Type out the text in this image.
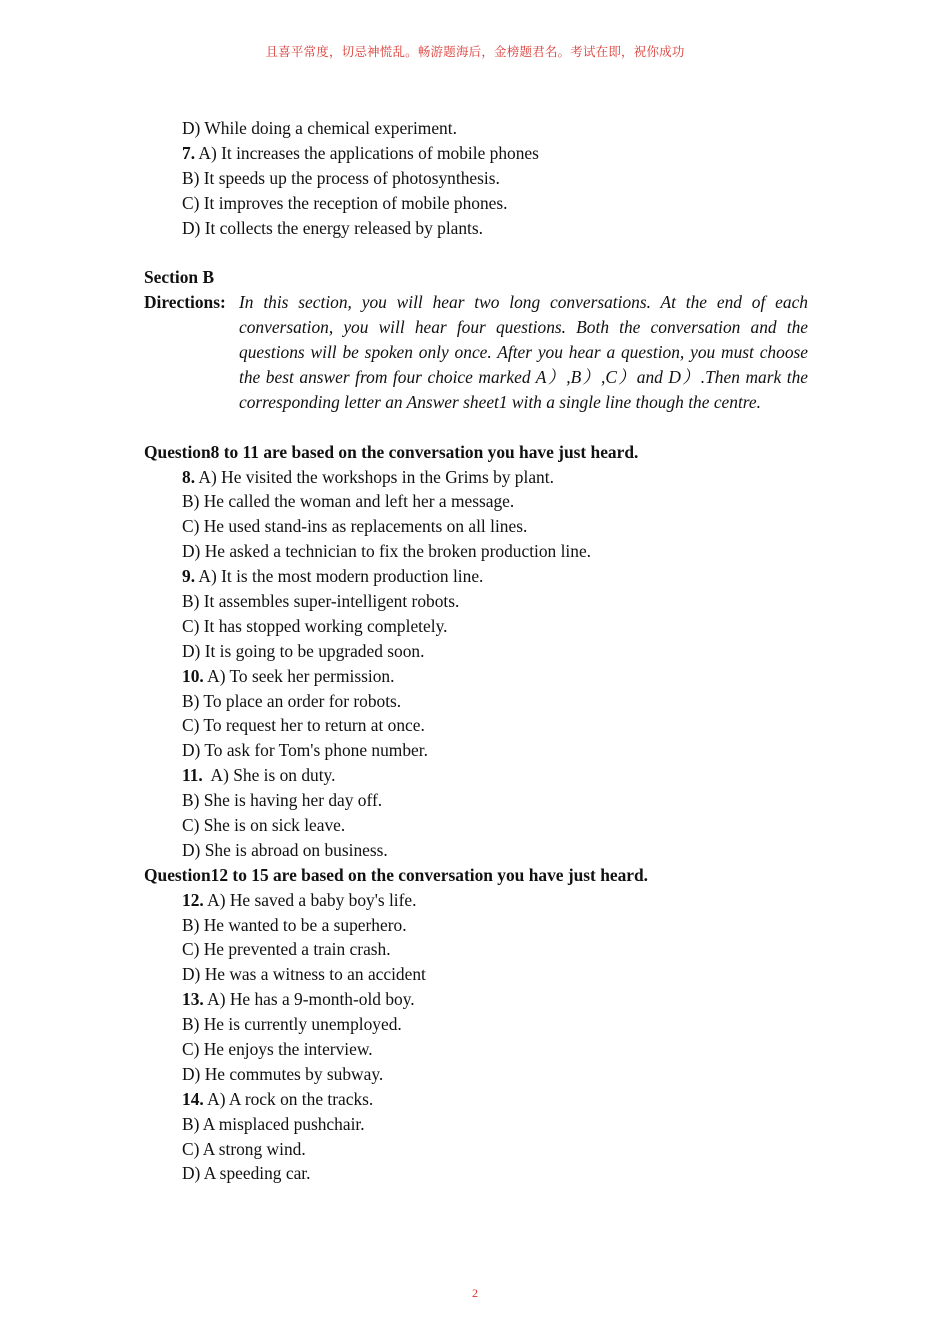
且喜平常度，切忌神慌乱。畅游题海后，金榜题君名。考试在即，祝你成功
D) While doing a chemical experiment.
7. A) It increases the applications of mobile phones
B) It speeds up the process of photosynthesis.
C) It improves the reception of mobile phones.
D) It collects the energy released by plants.
Section B
Directions: In this section, you will hear two long conversations. At the end of each conversation, you will hear four questions. Both the conversation and the questions will be spoken only once. After you hear a question, you must choose the best answer from four choice marked A）,B）,C）and D）.Then mark the corresponding letter an Answer sheet1 with a single line though the centre.
Question8 to 11 are based on the conversation you have just heard.
8. A) He visited the workshops in the Grims by plant.
B) He called the woman and left her a message.
C) He used stand-ins as replacements on all lines.
D) He asked a technician to fix the broken production line.
9. A) It is the most modern production line.
B) It assembles super-intelligent robots.
C) It has stopped working completely.
D) It is going to be upgraded soon.
10. A) To seek her permission.
B) To place an order for robots.
C) To request her to return at once.
D) To ask for Tom's phone number.
11.  A) She is on duty.
B) She is having her day off.
C) She is on sick leave.
D) She is abroad on business.
Question12 to 15 are based on the conversation you have just heard.
12. A) He saved a baby boy's life.
B) He wanted to be a superhero.
C) He prevented a train crash.
D) He was a witness to an accident
13. A) He has a 9-month-old boy.
B) He is currently unemployed.
C) He enjoys the interview.
D) He commutes by subway.
14. A) A rock on the tracks.
B) A misplaced pushchair.
C) A strong wind.
D) A speeding car.
2
